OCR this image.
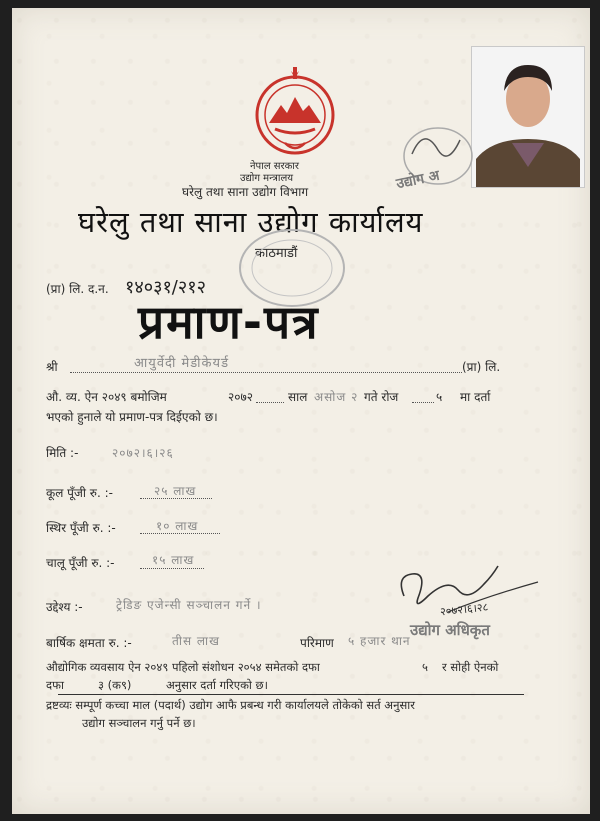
उद्योग अ
नेपाल सरकार
उद्योग मन्त्रालय
घरेलु तथा साना उद्योग विभाग
घरेलु तथा साना उद्योग कार्यालय
काठमाडौं
(प्रा) लि. द.न. १४०३१/२१२
प्रमाण-पत्र
श्री	आयुर्वेदी मेडीकेयर्ड	(प्रा) लि.
औ. व्य. ऐन २०४९ बमोजिम	२०७२	साल असोज २ गते रोज	५ मा दर्ता
भएको हुनाले यो प्रमाण-पत्र दिईएको छ।
मिति :-	२०७२।६।२६
कूल पूँजी रु. :-	२५ लाख
स्थिर पूँजी रु. :-	१० लाख
चालू पूँजी रु. :-	१५ लाख
उद्देश्य :-	ट्रेडिङ एजेन्सी सञ्चालन गर्ने ।
बार्षिक क्षमता रु. :-	तीस लाख	परिमाण ५ हजार थान
२०७२।६।२८
उद्योग अधिकृत
औद्योगिक व्यवसाय ऐन २०४९ पहिलो संशोधन २०५४ समेतको दफा	५ र सोही ऐनको
दफा	३ (क९)	अनुसार दर्ता गरिएको छ।
द्रष्टव्यः सम्पूर्ण कच्चा माल (पदार्थ) उद्योग आफै प्रबन्ध गरी कार्यालयले तोकेको सर्त अनुसार
उद्योग सञ्चालन गर्नु पर्ने छ।
